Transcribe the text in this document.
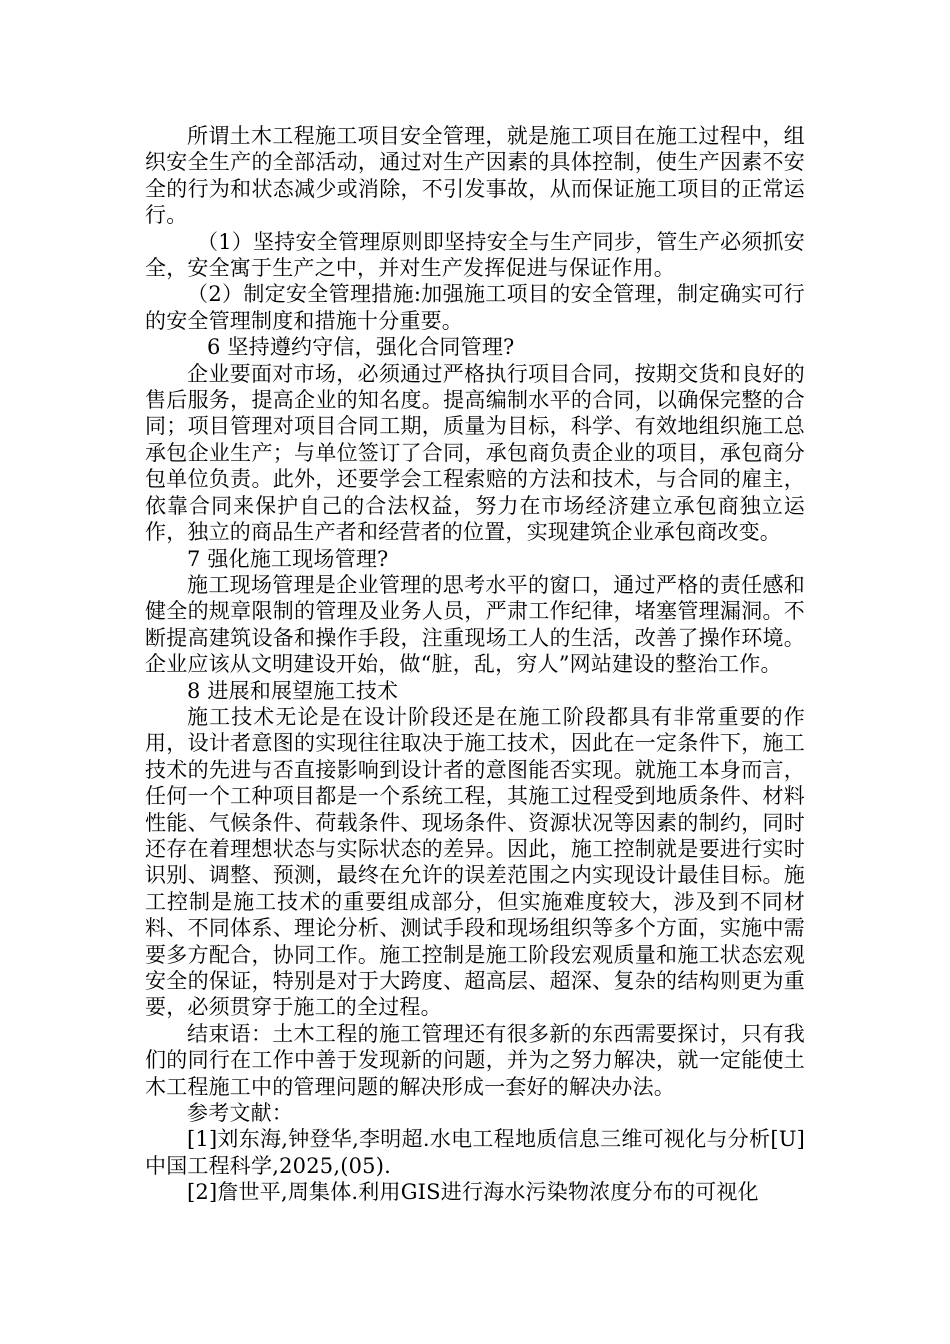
所谓土木工程施工项目安全管理，就是施工项目在施工过程中，组织安全生产的全部活动，通过对生产因素的具体控制，使生产因素不安全的行为和状态减少或消除，不引发事故，从而保证施工项目的正常运行。

（1）坚持安全管理原则即坚持安全与生产同步，管生产必须抓安全，安全寓于生产之中，并对生产发挥促进与保证作用。

（2）制定安全管理措施:加强施工项目的安全管理，制定确实可行的安全管理制度和措施十分重要。

6 坚持遵约守信，强化合同管理?

企业要面对市场，必须通过严格执行项目合同，按期交货和良好的售后服务，提高企业的知名度。提高编制水平的合同，以确保完整的合同；项目管理对项目合同工期，质量为目标，科学、有效地组织施工总承包企业生产；与单位签订了合同，承包商负责企业的项目，承包商分包单位负责。此外，还要学会工程索赔的方法和技术，与合同的雇主，依靠合同来保护自己的合法权益，努力在市场经济建立承包商独立运作，独立的商品生产者和经营者的位置，实现建筑企业承包商改变。

7 强化施工现场管理?

施工现场管理是企业管理的思考水平的窗口，通过严格的责任感和健全的规章限制的管理及业务人员，严肃工作纪律，堵塞管理漏洞。不断提高建筑设备和操作手段，注重现场工人的生活，改善了操作环境。企业应该从文明建设开始，做“脏，乱，穷人”网站建设的整治工作。

8 进展和展望施工技术

施工技术无论是在设计阶段还是在施工阶段都具有非常重要的作用，设计者意图的实现往往取决于施工技术，因此在一定条件下，施工技术的先进与否直接影响到设计者的意图能否实现。就施工本身而言，任何一个工种项目都是一个系统工程，其施工过程受到地质条件、材料性能、气候条件、荷载条件、现场条件、资源状况等因素的制约，同时还存在着理想状态与实际状态的差异。因此，施工控制就是要进行实时识别、调整、预测，最终在允许的误差范围之内实现设计最佳目标。施工控制是施工技术的重要组成部分，但实施难度较大，涉及到不同材料、不同体系、理论分析、测试手段和现场组织等多个方面，实施中需要多方配合，协同工作。施工控制是施工阶段宏观质量和施工状态宏观安全的保证，特别是对于大跨度、超高层、超深、复杂的结构则更为重要，必须贯穿于施工的全过程。

结束语：土木工程的施工管理还有很多新的东西需要探讨，只有我们的同行在工作中善于发现新的问题，并为之努力解决，就一定能使土木工程施工中的管理问题的解决形成一套好的解决办法。

参考文献：

[1]刘东海,钟登华,李明超.水电工程地质信息三维可视化与分析[U]中国工程科学,2025,(05).

[2]詹世平,周集体.利用GIS进行海水污染物浓度分布的可视化
